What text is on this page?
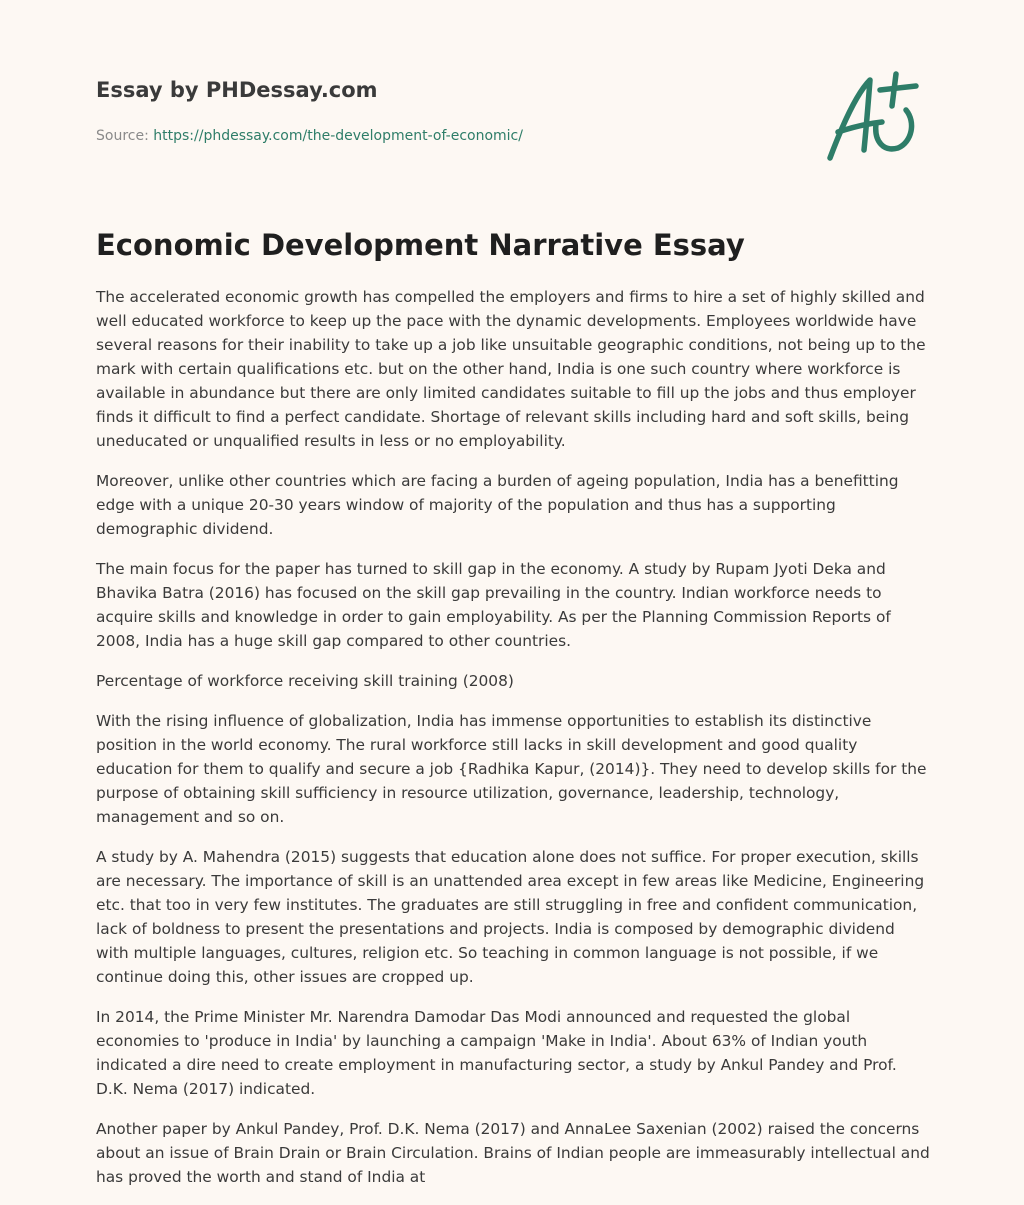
Essay by PHDessay.com
Source: https://phdessay.com/the-development-of-economic/
Economic Development Narrative Essay

The accelerated economic growth has compelled the employers and firms to hire a set of highly skilled and well educated workforce to keep up the pace with the dynamic developments. Employees worldwide have several reasons for their inability to take up a job like unsuitable geographic conditions, not being up to the mark with certain qualifications etc. but on the other hand, India is one such country where workforce is available in abundance but there are only limited candidates suitable to fill up the jobs and thus employer finds it difficult to find a perfect candidate. Shortage of relevant skills including hard and soft skills, being uneducated or unqualified results in less or no employability.

Moreover, unlike other countries which are facing a burden of ageing population, India has a benefitting edge with a unique 20-30 years window of majority of the population and thus has a supporting demographic dividend.

The main focus for the paper has turned to skill gap in the economy. A study by Rupam Jyoti Deka and Bhavika Batra (2016) has focused on the skill gap prevailing in the country. Indian workforce needs to acquire skills and knowledge in order to gain employability. As per the Planning Commission Reports of 2008, India has a huge skill gap compared to other countries.

Percentage of workforce receiving skill training (2008)

With the rising influence of globalization, India has immense opportunities to establish its distinctive position in the world economy. The rural workforce still lacks in skill development and good quality education for them to qualify and secure a job {Radhika Kapur, (2014)}. They need to develop skills for the purpose of obtaining skill sufficiency in resource utilization, governance, leadership, technology, management and so on.

A study by A. Mahendra (2015) suggests that education alone does not suffice. For proper execution, skills are necessary. The importance of skill is an unattended area except in few areas like Medicine, Engineering etc. that too in very few institutes. The graduates are still struggling in free and confident communication, lack of boldness to present the presentations and projects. India is composed by demographic dividend with multiple languages, cultures, religion etc. So teaching in common language is not possible, if we continue doing this, other issues are cropped up.

In 2014, the Prime Minister Mr. Narendra Damodar Das Modi announced and requested the global economies to 'produce in India' by launching a campaign 'Make in India'. About 63% of Indian youth indicated a dire need to create employment in manufacturing sector, a study by Ankul Pandey and Prof. D.K. Nema (2017) indicated.

Another paper by Ankul Pandey, Prof. D.K. Nema (2017) and AnnaLee Saxenian (2002) raised the concerns about an issue of Brain Drain or Brain Circulation. Brains of Indian people are immeasurably intellectual and has proved the worth and stand of India at
